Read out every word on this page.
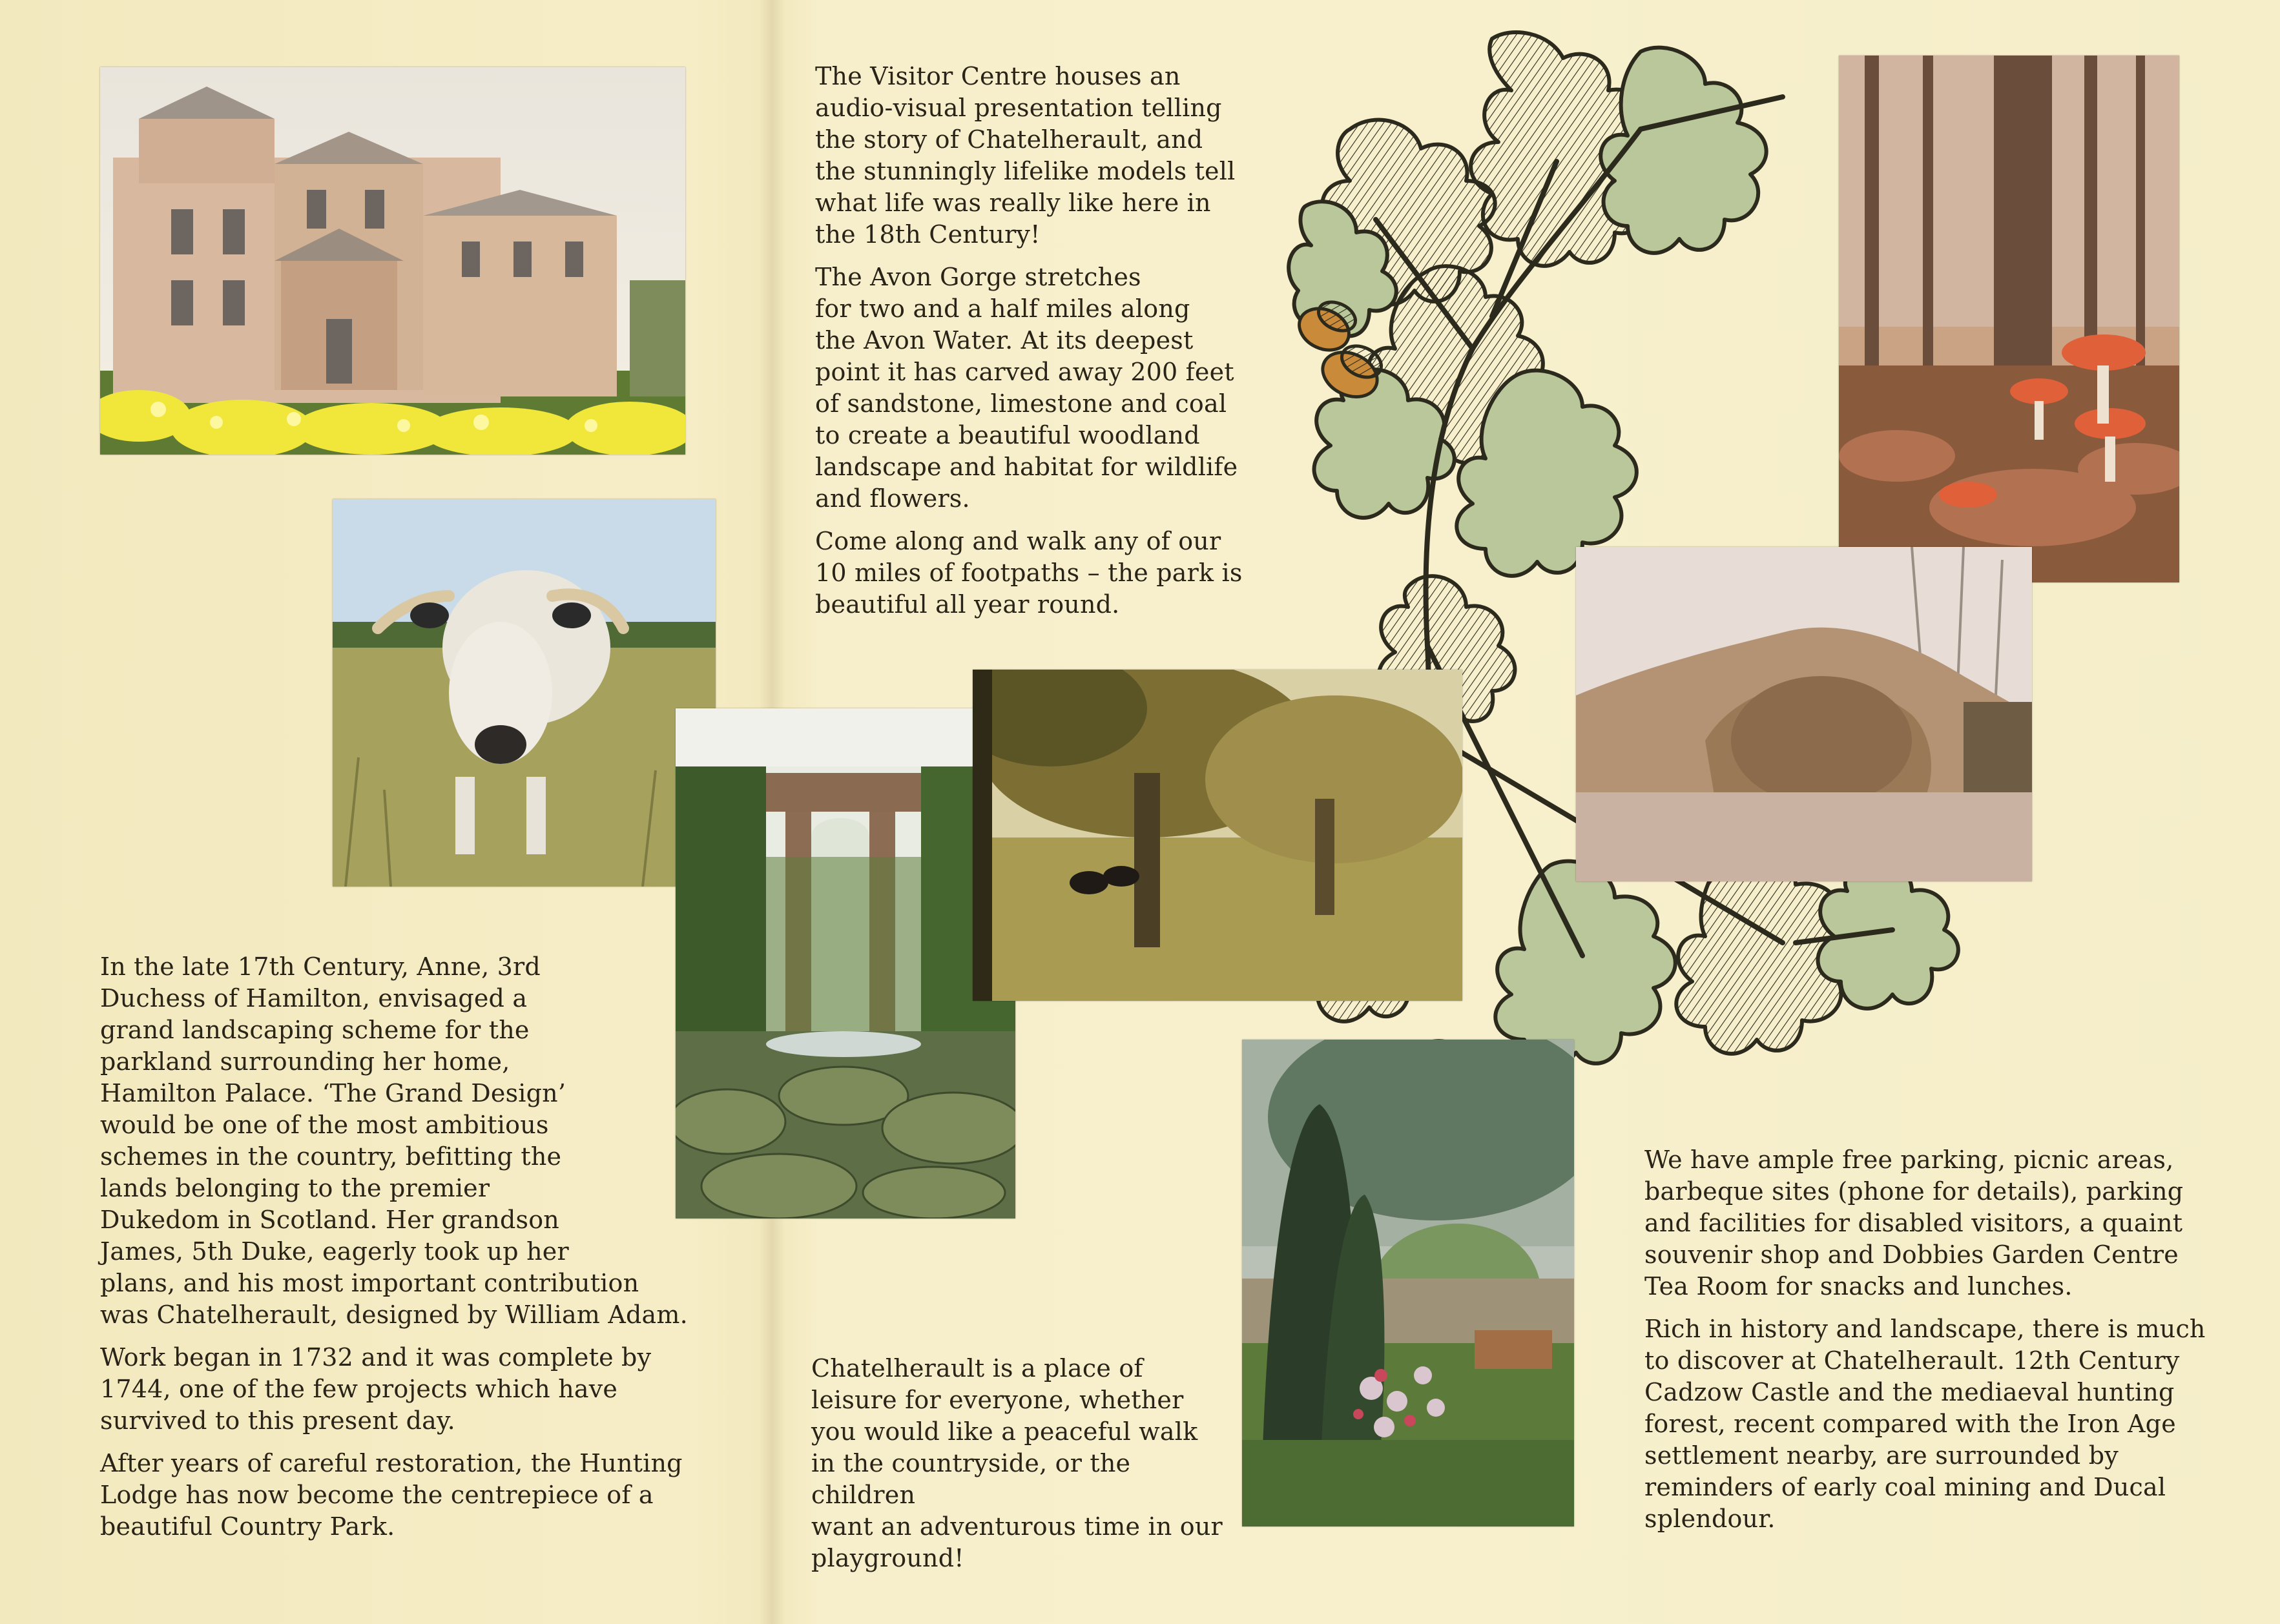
In the late 17th Century, Anne, 3rd
Duchess of Hamilton, envisaged a
grand landscaping scheme for the
parkland surrounding her home,
Hamilton Palace. ‘The Grand Design’
would be one of the most ambitious
schemes in the country, befitting the
lands belonging to the premier
Dukedom in Scotland. Her grandson
James, 5th Duke, eagerly took up her
plans, and his most important contribution
was Chatelherault, designed by William Adam.

Work began in 1732 and it was complete by
1744, one of the few projects which have
survived to this present day.

After years of careful restoration, the Hunting
Lodge has now become the centrepiece of a
beautiful Country Park.

The Visitor Centre houses an
audio-visual presentation telling
the story of Chatelherault, and
the stunningly lifelike models tell
what life was really like here in
the 18th Century!

The Avon Gorge stretches
for two and a half miles along
the Avon Water. At its deepest
point it has carved away 200 feet
of sandstone, limestone and coal
to create a beautiful woodland
landscape and habitat for wildlife
and flowers.

Come along and walk any of our
10 miles of footpaths – the park is
beautiful all year round.

Chatelherault is a place of
leisure for everyone, whether
you would like a peaceful walk
in the countryside, or the children
want an adventurous time in our
playground!

We have ample free parking, picnic areas,
barbeque sites (phone for details), parking
and facilities for disabled visitors, a quaint
souvenir shop and Dobbies Garden Centre
Tea Room for snacks and lunches.

Rich in history and landscape, there is much
to discover at Chatelherault. 12th Century
Cadzow Castle and the mediaeval hunting
forest, recent compared with the Iron Age
settlement nearby, are surrounded by
reminders of early coal mining and Ducal
splendour.
